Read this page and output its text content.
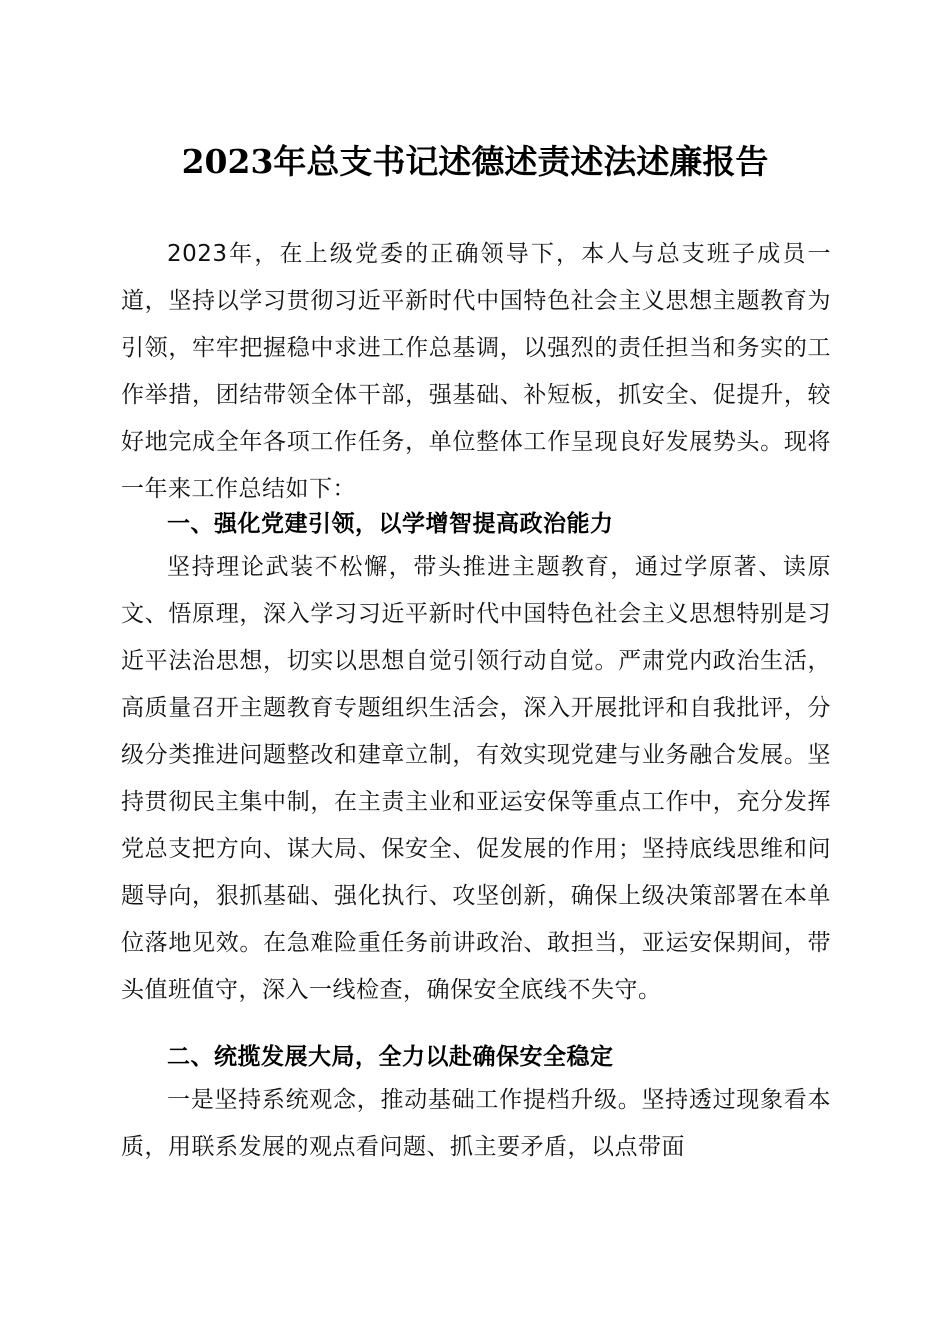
2023年总支书记述德述责述法述廉报告

2023年，在上级党委的正确领导下，本人与总支班子成员一道，坚持以学习贯彻习近平新时代中国特色社会主义思想主题教育为引领，牢牢把握稳中求进工作总基调，以强烈的责任担当和务实的工作举措，团结带领全体干部，强基础、补短板，抓安全、促提升，较好地完成全年各项工作任务，单位整体工作呈现良好发展势头。现将一年来工作总结如下：

一、强化党建引领，以学增智提高政治能力

坚持理论武装不松懈，带头推进主题教育，通过学原著、读原文、悟原理，深入学习习近平新时代中国特色社会主义思想特别是习近平法治思想，切实以思想自觉引领行动自觉。严肃党内政治生活，高质量召开主题教育专题组织生活会，深入开展批评和自我批评，分级分类推进问题整改和建章立制，有效实现党建与业务融合发展。坚持贯彻民主集中制，在主责主业和亚运安保等重点工作中，充分发挥党总支把方向、谋大局、保安全、促发展的作用；坚持底线思维和问题导向，狠抓基础、强化执行、攻坚创新，确保上级决策部署在本单位落地见效。在急难险重任务前讲政治、敢担当，亚运安保期间，带头值班值守，深入一线检查，确保安全底线不失守。

二、统揽发展大局，全力以赴确保安全稳定

一是坚持系统观念，推动基础工作提档升级。坚持透过现象看本质，用联系发展的观点看问题、抓主要矛盾，以点带面
